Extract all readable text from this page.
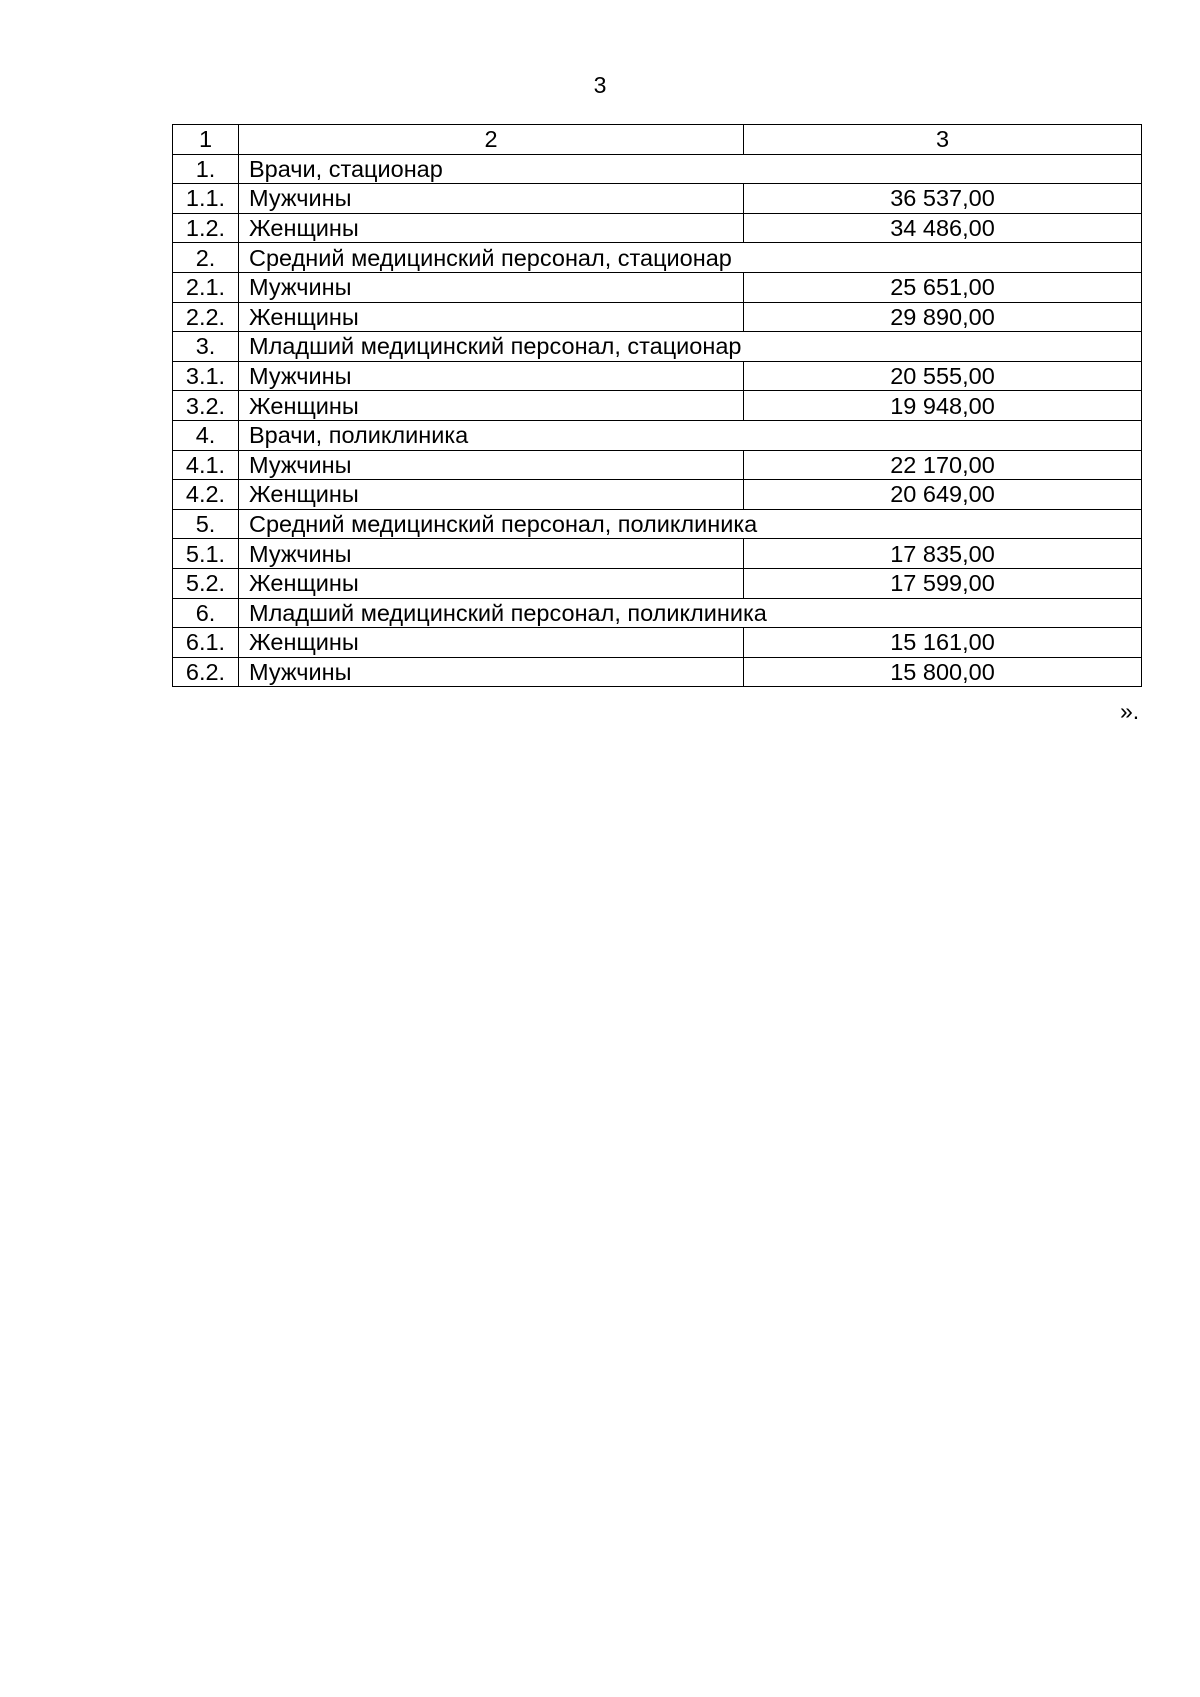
3
1	2	3
1.	Врачи, стационар	
1.1.	Мужчины	36 537,00
1.2.	Женщины	34 486,00
2.	Средний медицинский персонал, стационар	
2.1.	Мужчины	25 651,00
2.2.	Женщины	29 890,00
3.	Младший медицинский персонал, стационар	
3.1.	Мужчины	20 555,00
3.2.	Женщины	19 948,00
4.	Врачи, поликлиника	
4.1.	Мужчины	22 170,00
4.2.	Женщины	20 649,00
5.	Средний медицинский персонал, поликлиника	
5.1.	Мужчины	17 835,00
5.2.	Женщины	17 599,00
6.	Младший медицинский персонал, поликлиника	
6.1.	Женщины	15 161,00
6.2.	Мужчины	15 800,00
».
